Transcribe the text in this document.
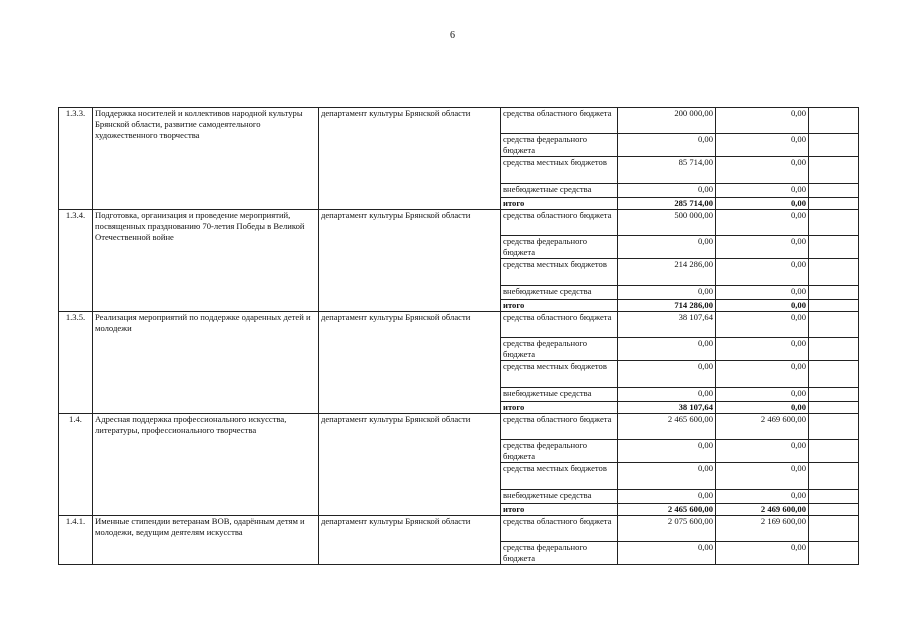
6
1.3.3.	Поддержка носителей и коллективов народной культуры Брянской области, развитие самодеятельного художественного творчества	департамент культуры Брянской области	средства областного бюджета	200 000,00	0,00	
			средства федерального бюджета	0,00	0,00	
			средства местных бюджетов	85 714,00	0,00	
			внебюджетные средства	0,00	0,00	
			итого	285 714,00	0,00	
1.3.4.	Подготовка, организация и проведение мероприятий, посвященных празднованию 70-летия Победы в Великой Отечественной войне	департамент культуры Брянской области	средства областного бюджета	500 000,00	0,00	
			средства федерального бюджета	0,00	0,00	
			средства местных бюджетов	214 286,00	0,00	
			внебюджетные средства	0,00	0,00	
			итого	714 286,00	0,00	
1.3.5.	Реализация мероприятий по поддержке одаренных детей и молодежи	департамент культуры Брянской области	средства областного бюджета	38 107,64	0,00	
			средства федерального бюджета	0,00	0,00	
			средства местных бюджетов	0,00	0,00	
			внебюджетные средства	0,00	0,00	
			итого	38 107,64	0,00	
1.4.	Адресная поддержка профессионального искусства, литературы, профессионального творчества	департамент культуры Брянской области	средства областного бюджета	2 465 600,00	2 469 600,00	
			средства федерального бюджета	0,00	0,00	
			средства местных бюджетов	0,00	0,00	
			внебюджетные средства	0,00	0,00	
			итого	2 465 600,00	2 469 600,00	
1.4.1.	Именные стипендии ветеранам ВОВ, одарённым детям и молодежи, ведущим деятелям искусства	департамент культуры Брянской области	средства областного бюджета	2 075 600,00	2 169 600,00	
			средства федерального бюджета	0,00	0,00	
